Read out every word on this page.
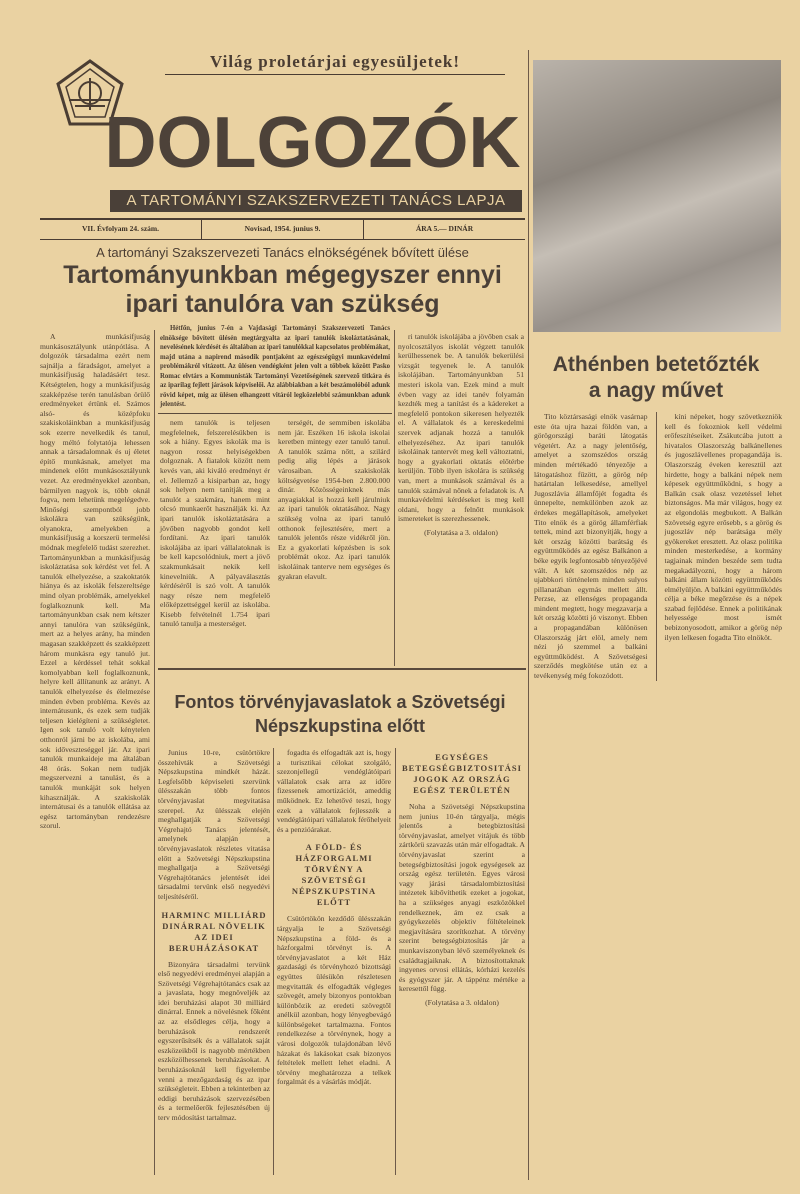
Világ proletárjai egyesüljetek!
DOLGOZÓK
A TARTOMÁNYI SZAKSZERVEZETI TANÁCS LAPJA
VII. Évfolyam 24. szám.	Novisad, 1954. junius 9.	ÁRA 5.— DINÁR
A tartományi Szakszervezeti Tanács elnökségének bővített ülése
Tartományunkban mégegyszer ennyi
ipari tanulóra van szükség

A munkásifjuság munkásosztályunk utánpótlása. A dolgozók társadalma ezért nem sajnálja a fáradságot, amelyet a munkásifjuság haladásáért tesz. Kétségtelen, hogy a munkásifjuság szakképzése terén tanulásban örülő eredményeket értünk el. Számos alsó- és középfoku szakiskoláinkban a munkásifjuság sok ezerre nevelkedik és tanul, hogy méltó folytatója lehessen annak a társadalomnak és uj életet építő munkásnak, amelyet ma mindenek előtt munkásosztályunk vezet. Az eredményekkel azonban, bármilyen nagyok is, több oknál fogva, nem lehetünk megelégedve. Minőségi szempontból jobb iskolákra van szükségünk, olyanokra, amelyekben a munkásifjuság a korszerü termelési módnak megfelelő tudást szerezhet. Tartományunkban a munkásifjuság iskoláztatása sok kérdést vet fel. A tanulók elhelyezése, a szakoktatók hiánya és az iskolák felszereltsége mind olyan problémák, amelyekkel foglalkoznunk kell. Ma tartományunkban csak nem kétszer annyi tanulóra van szükségünk, mert az a helyes arány, ha minden magasan szakképzett és szakképzett három munkásra egy tanuló jut. Ezzel a kérdéssel tehát sokkal komolyabban kell foglalkoznunk, helyre kell állítanunk az arányt. A tanulók elhelyezése és élelmezése minden évben probléma. Kevés az internátusunk, és ezek sem tudják teljesen kielégíteni a szükségletet. Igen sok tanuló volt kénytelen otthonról járni be az iskolába, ami sok időveszteséggel jár. Az ipari tanulók munkaideje ma általában 48 órás. Sokan nem tudják megszervezni a tanulást, és a tanulók munkáját sok helyen kihasználják. A szakiskolák internátusai és a tanulók ellátása az egész tartományban rendezésre szorul.

Hétfőn, junius 7-én a Vajdasági Tartományi Szakszervezeti Tanács elnöksége bővített ülésén megtárgyalta az ipari tanulók iskoláztatásának, nevelésének kérdését és általában az ipari tanulókkal kapcsolatos problémákat, majd utána a napirend második pontjaként az egészségügyi munkavédelmi problémákról vitázott. Az ülésen vendégként jelen volt a többek között Pasko Romac elvtárs a Kommunisták Tartományi Vezetőségének szervező titkára és az iparilag fejlett járások képviselői. Az alábbiakban a két beszámolóból adunk rövid képet, mig az ülésen elhangzott vitáról legközelebbi számunkban adunk jelentést.

nem tanulók is teljesen megfelelnek, felszerelésükben is sok a hiány. Egyes iskolák ma is nagyon rossz helyiségekben dolgoznak. A fiatalok között nem kevés van, aki kiváló eredményt ér el. Jellemző a kisiparban az, hogy sok helyen nem tanítják meg a tanulót a szakmára, hanem mint olcsó munkaerőt használják ki. Az ipari tanulók iskoláztatására a jövőben nagyobb gondot kell fordítani. Az ipari tanulók iskolájába az ipari vállalatoknak is be kell kapcsolódniuk, mert a jövő szakmunkásait nekik kell kinevelniük. A pályaválasztás kérdéséről is szó volt. A tanulók nagy része nem megfelelő előképzettséggel kerül az iskolába. Kisebb felvételnél 1.754 ipari tanuló tanulja a mesterséget.

terségét, de semmiben iskolába nem jár. Eszéken 16 iskola iskolai keretben mintegy ezer tanuló tanul. A tanulók száma nőtt, a szilárd pedig alig lépés a járások városaiban. A szakiskolák költségvetése 1954-ben 2.800.000 dinár. Közösségeinknek más anyagiakkal is hozzá kell járulniuk az ipari tanulók oktatásához. Nagy szükség volna az ipari tanuló otthonok fejlesztésére, mert a tanulók jelentős része vidékről jön. Ez a gyakorlati képzésben is sok problémát okoz. Az ipari tanulók iskoláinak tanterve nem egységes és gyakran elavult.

ri tanulók iskolájába a jövőben csak a nyolcosztályos iskolát végzett tanulók kerülhessenek be. A tanulók bekerülési vizsgát tegyenek le. A tanulók iskolájában. Tartományunkban 51 mesteri iskola van. Ezek mind a mult évben vagy az idei tanév folyamán kezdték meg a tanítást és a kádereket a megfelelő pontokon sikeresen helyezték el. A vállalatok és a kereskedelmi szervek adjanak hozzá a tanulók elhelyezéséhez. Az ipari tanulók iskoláinak tantervét meg kell változtatni, hogy a gyakorlati oktatás előtérbe kerüljön. Több ilyen iskolára is szükség van, mert a munkások számával és a tanulók számával nőnek a feladatok is. A munkavédelmi kérdéseket is meg kell oldani, hogy a felnőtt munkások ismereteket is szerezhessenek.

(Folytatása a 3. oldalon)
Fontos törvényjavaslatok a Szövetségi
Népszkupstina előtt

Junius 10-re, csütörtökre összehívták a Szövetségi Népszkupstina mindkét házát. Legfelsőbb képviseleti szervünk ülésszakán több fontos törvényjavaslat megvitatása szerepel. Az ülésszak elején meghallgatják a Szövetségi Végrehajtó Tanács jelentését, amelynek alapján a törvényjavaslatok részletes vitatása előtt a Szövetségi Népszkupstina meghallgatja a Szövetségi Végrehajtótanács jelentését idei társadalmi tervünk első negyedévi teljesítéséről.

HARMINC MILLIÁRD DINÁRRAL NÖVELIK AZ IDEI BERUHÁZÁSOKAT

Bizonyára társadalmi tervünk első negyedévi eredményei alapján a Szövetségi Végrehajtótanács csak az a javaslata, hogy megnöveljék az idei beruházási alapot 30 milliárd dinárral. Ennek a növelésnek főként az az elsődleges célja, hogy a beruházások rendszerét egyszerűsítsék és a vállalatok saját eszközeikből is nagyobb mértékben eszközölhessenek beruházásokat. A beruházásoknál kell figyelembe venni a mezőgazdaság és az ipar szükségleteit. Ebben a tekintetben az eddigi beruházások szervezésében és a termelőerők fejlesztésében új terv módosítást tartalmaz.

fogadta és elfogadták azt is, hogy a turisztikai célokat szolgáló, szezonjellegű vendéglátóipari vállalatok csak arra az időre fizessenek amortizációt, ameddig működnek. Ez lehetővé teszi, hogy ezek a vállalatok fejlesszék a vendéglátóipari vállalatok férőhelyeit és a penzióárakat.

A FÖLD- ÉS HÁZFORGALMI TÖRVÉNY A SZÖVETSÉGI NÉPSZKUPSTINA ELŐTT

Csütörtökön kezdődő ülésszakán tárgyalja le a Szövetségi Népszkupstina a föld- és a házforgalmi törvényt is. A törvényjavaslatot a két Ház gazdasági és törvényhozó bizottsági együttes ülésükön részletesen megvitatták és elfogadták végleges szövegét, amely bizonyos pontokban különbözik az eredeti szövegtől anélkül azonban, hogy lényegbevágó különbségeket tartalmazna. Fontos rendelkezése a törvénynek, hogy a városi dolgozók tulajdonában lévő házakat és lakásokat csak bizonyos feltételek mellett lehet eladni. A törvény meghatározza a telkek forgalmát és a vásárlás módját.

EGYSÉGES BETEGSÉGBIZTOSITÁSI JOGOK AZ ORSZÁG EGÉSZ TERÜLETÉN

Noha a Szövetségi Népszkupstina nem junius 10-én tárgyalja, mégis jelentős a betegbiztosítási törvényjavaslat, amelyet vitájuk és több zártkörü szavazás után már elfogadtak. A törvényjavaslat szerint a betegségbiztosítási jogok egységesek az ország egész területén. Egyes városi vagy járási társadalombiztosítási intézetek kibővíthetik ezeket a jogokat, ha a szükséges anyagi eszközökkel rendelkeznek, ám ez csak a gyógykezelés objektiv föltételeinek megjavítására szorítkozhat. A törvény szerint betegségbiztosítás jár a munkaviszonyban lévő személyeknek és családtagjaiknak. A biztosítottaknak ingyenes orvosi ellátás, kórházi kezelés és gyógyszer jár. A táppénz mértéke a keresettől függ.

(Folytatása a 3. oldalon)
Athénben betetőzték
a nagy művet

Tito köztársasági elnök vasárnap este óta ujra hazai földön van, a görögországi baráti látogatás végetért. Az a nagy jelentőség, amelyet a szomszédos ország minden mértékadó tényezője a látogatáshoz fűzött, a görög nép határtalan lelkesedése, amellyel Jugoszlávia államfőjét fogadta és ünnepelte, nemkülönben azok az érdekes megállapítások, amelyeket Tito elnök és a görög államférfiak tettek, mind azt bizonyítják, hogy a két ország közötti barátság és együttműködés az egész Balkánon a béke egyik legfontosabb tényezőjévé vált. A két szomszédos nép az ujabbkori történelem minden sulyos pillanatában egymás mellett állt. Perzse, az ellenséges propaganda mindent megtett, hogy megzavarja a két ország közötti jó viszonyt. Ebben a propagandában különösen Olaszország járt elöl, amely nem nézi jó szemmel a balkáni együttműködést. A Szövetségesi szerződés megkötése után ez a tevékenység még fokozódott.

kíni népeket, hogy szövetkezniök kell és fokozniok kell védelmi erőfeszítéseiket. Zsákutcába jutott a hivatalos Olaszország balkánellenes és jugoszlávellenes propagandája is. Olaszország éveken keresztül azt hirdette, hogy a balkáni népek nem képesek együttműködni, s hogy a Balkán csak olasz vezetéssel lehet biztonságos. Ma már világos, hogy ez az elgondolás megbukott. A Balkán Szövetség egyre erősebb, s a görög és jugoszláv nép barátsága mély gyökereket eresztett. Az olasz politika minden mesterkedése, a kormány tagjainak minden beszéde sem tudta megakadályozni, hogy a három balkáni állam közötti együttműködés elmélyüljön. A balkáni együttműködés célja a béke megőrzése és a népek szabad fejlődése. Ennek a politikának helyessége most ismét bebizonyosodott, amikor a görög nép ilyen lelkesen fogadta Tito elnököt.
